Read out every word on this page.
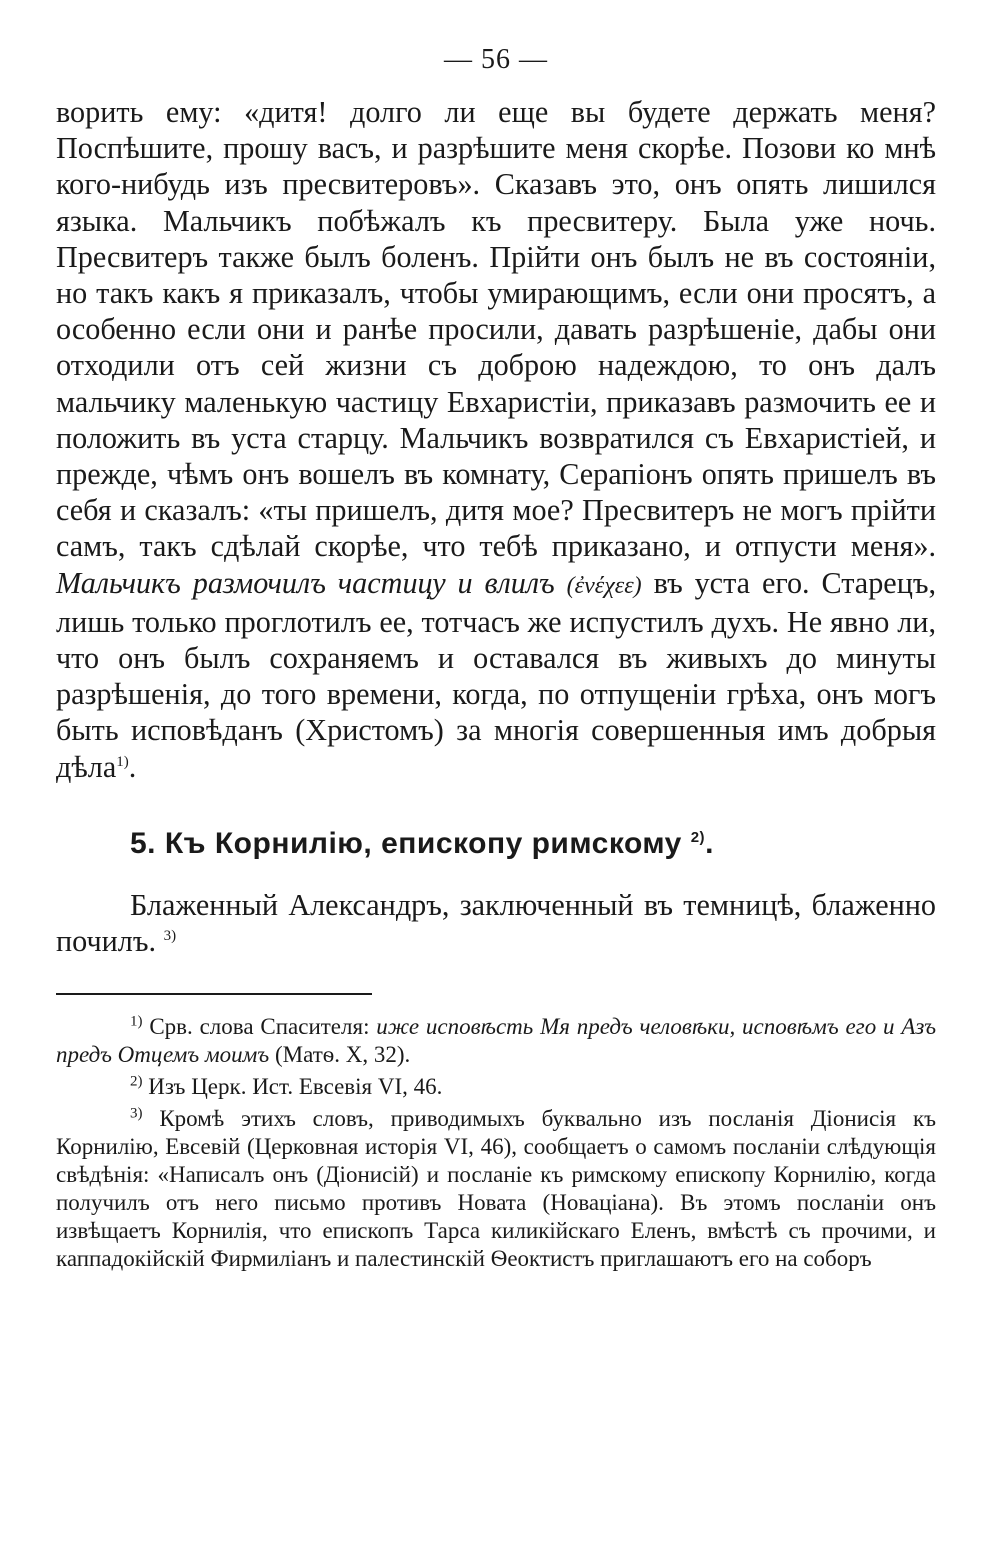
— 56 —

ворить ему: «дитя! долго ли еще вы будете держать меня? Поспѣшите, прошу васъ, и разрѣшите меня скорѣе. Позови ко мнѣ кого-нибудь изъ пресвитеровъ». Сказавъ это, онъ опять лишился языка. Мальчикъ побѣжалъ къ пресвитеру. Была уже ночь. Пресвитеръ также былъ боленъ. Прійти онъ былъ не въ состояніи, но такъ какъ я приказалъ, чтобы умирающимъ, если они просятъ, а особенно если они и ранѣе просили, давать разрѣшеніе, дабы они отходили отъ сей жизни съ доброю надеждою, то онъ далъ мальчику маленькую частицу Евхаристіи, приказавъ размочить ее и положить въ уста старцу. Мальчикъ возвратился съ Евхаристіей, и прежде, чѣмъ онъ вошелъ въ комнату, Серапіонъ опять пришелъ въ себя и сказалъ: «ты пришелъ, дитя мое? Пресвитеръ не могъ прійти самъ, такъ сдѣлай скорѣе, что тебѣ приказано, и отпусти меня». Мальчикъ размочилъ частицу и влилъ (ἐνέχεε) въ уста его. Старецъ, лишь только проглотилъ ее, тотчасъ же испустилъ духъ. Не явно ли, что онъ былъ сохраняемъ и оставался въ живыхъ до минуты разрѣшенія, до того времени, когда, по отпущеніи грѣха, онъ могъ быть исповѣданъ (Христомъ) за многія совершенныя имъ добрыя дѣла$^{1)}$.

5. Къ Корнилію, епископу римскому $^{2)}$.

Блаженный Александръ, заключенный въ темницѣ, блаженно почилъ. $^{3)}$

$^{1)}$ Срв. слова Спасителя: иже исповѣсть Мя предъ человѣки, исповѣмъ его и Азъ предъ Отцемъ моимъ (Матѳ. X, 32).

$^{2)}$ Изъ Церк. Ист. Евсевія VI, 46.

$^{3)}$ Кромѣ этихъ словъ, приводимыхъ буквально изъ посланія Діонисія къ Корнилію, Евсевій (Церковная исторія VI, 46), сообщаетъ о самомъ посланіи слѣдующія свѣдѣнія: «Написалъ онъ (Діонисій) и посланіе къ римскому епископу Корнилію, когда получилъ отъ него письмо противъ Новата (Новаціана). Въ этомъ посланіи онъ извѣщаетъ Корнилія, что епископъ Тарса киликійскаго Еленъ, вмѣстѣ съ прочими, и каппадокійскій Фирмиліанъ и палестинскій Ѳеоктистъ приглашаютъ его на соборъ
